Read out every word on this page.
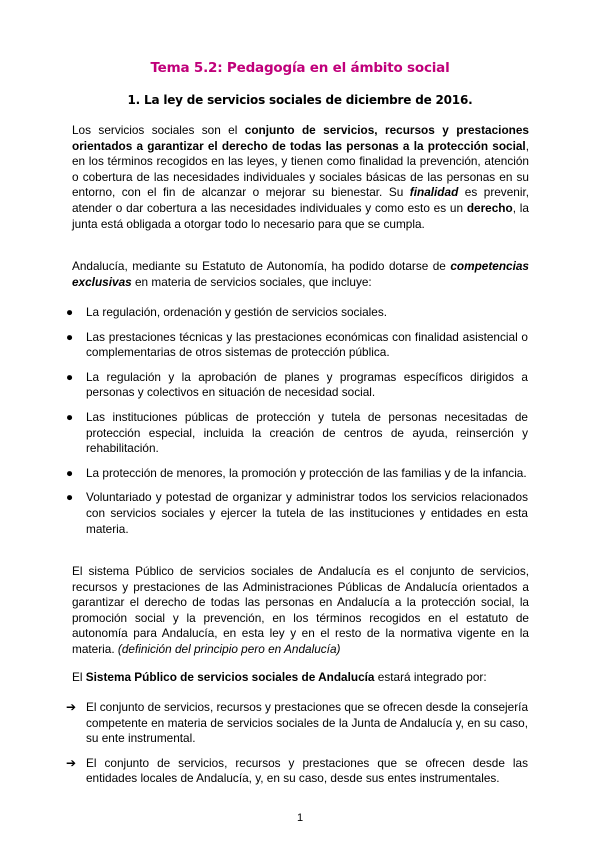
Tema 5.2: Pedagogía en el ámbito social
1. La ley de servicios sociales de diciembre de 2016.
Los servicios sociales son el conjunto de servicios, recursos y prestaciones orientados a garantizar el derecho de todas las personas a la protección social, en los términos recogidos en las leyes, y tienen como finalidad la prevención, atención o cobertura de las necesidades individuales y sociales básicas de las personas en su entorno, con el fin de alcanzar o mejorar su bienestar. Su finalidad es prevenir, atender o dar cobertura a las necesidades individuales y como esto es un derecho, la junta está obligada a otorgar todo lo necesario para que se cumpla.
Andalucía, mediante su Estatuto de Autonomía, ha podido dotarse de competencias exclusivas en materia de servicios sociales, que incluye:
● La regulación, ordenación y gestión de servicios sociales.
● Las prestaciones técnicas y las prestaciones económicas con finalidad asistencial o complementarias de otros sistemas de protección pública.
● La regulación y la aprobación de planes y programas específicos dirigidos a personas y colectivos en situación de necesidad social.
● Las instituciones públicas de protección y tutela de personas necesitadas de protección especial, incluida la creación de centros de ayuda, reinserción y rehabilitación.
● La protección de menores, la promoción y protección de las familias y de la infancia.
● Voluntariado y potestad de organizar y administrar todos los servicios relacionados con servicios sociales y ejercer la tutela de las instituciones y entidades en esta materia.
El sistema Público de servicios sociales de Andalucía es el conjunto de servicios, recursos y prestaciones de las Administraciones Públicas de Andalucía orientados a garantizar el derecho de todas las personas en Andalucía a la protección social, la promoción social y la prevención, en los términos recogidos en el estatuto de autonomía para Andalucía, en esta ley y en el resto de la normativa vigente en la materia. (definición del principio pero en Andalucía)
El Sistema Público de servicios sociales de Andalucía estará integrado por:
➔ El conjunto de servicios, recursos y prestaciones que se ofrecen desde la consejería competente en materia de servicios sociales de la Junta de Andalucía y, en su caso, su ente instrumental.
➔ El conjunto de servicios, recursos y prestaciones que se ofrecen desde las entidades locales de Andalucía, y, en su caso, desde sus entes instrumentales.
1
